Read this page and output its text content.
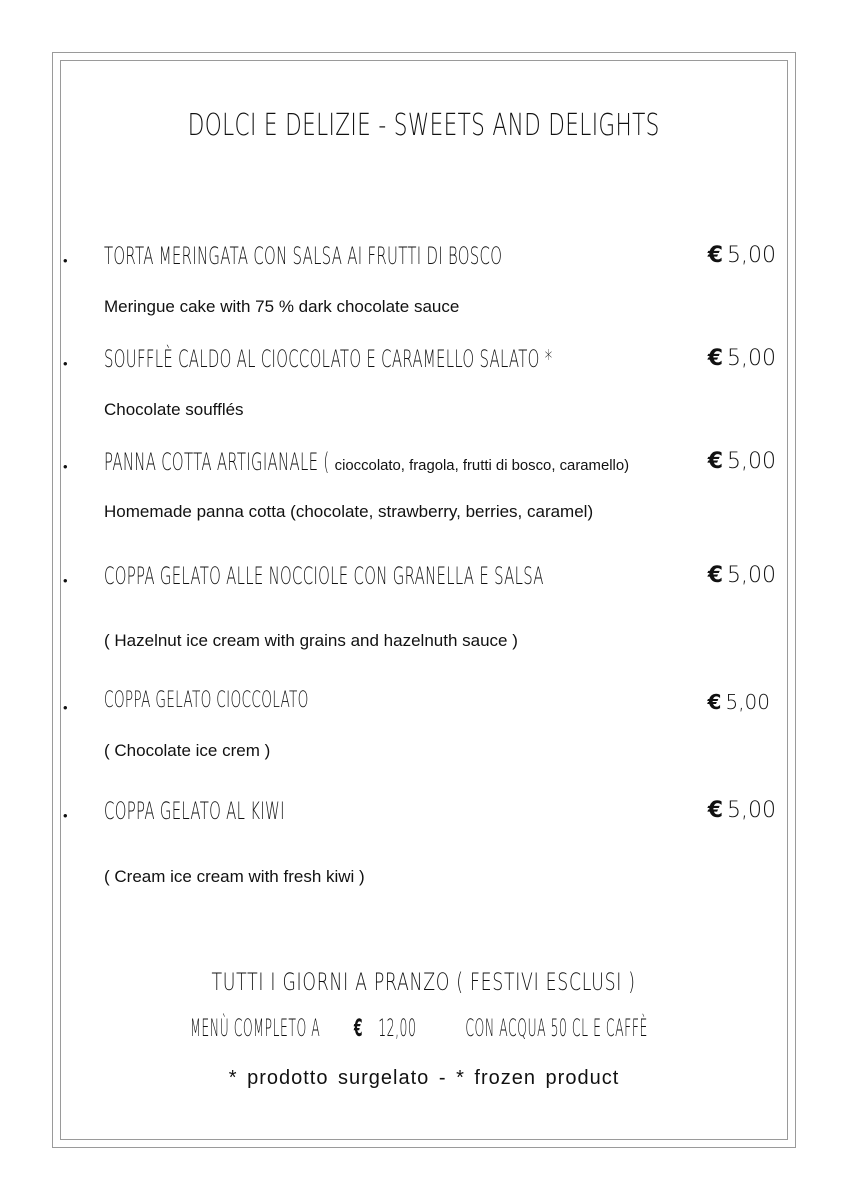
DOLCI E DELIZIE - SWEETS AND DELIGHTS
• TORTA MERINGATA CON SALSA AI FRUTTI DI BOSCO	€ 5,00
Meringue cake with 75 % dark chocolate sauce
• SOUFFLÈ CALDO AL CIOCCOLATO E CARAMELLO SALATO *	€ 5,00
Chocolate soufflés
• PANNA COTTA ARTIGIANALE ( cioccolato, fragola, frutti di bosco, caramello)	€ 5,00
Homemade panna cotta (chocolate, strawberry, berries, caramel)
• COPPA GELATO ALLE NOCCIOLE CON GRANELLA E SALSA	€ 5,00
( Hazelnut ice cream with grains and hazelnuth sauce )
• COPPA GELATO CIOCCOLATO	€ 5,00
( Chocolate ice crem )
• COPPA GELATO AL KIWI	€ 5,00
( Cream ice cream with fresh kiwi )
TUTTI I GIORNI A PRANZO ( FESTIVI ESCLUSI )
MENÙ COMPLETO A € 12,00 CON ACQUA 50 CL E CAFFÈ
* prodotto surgelato - * frozen product
